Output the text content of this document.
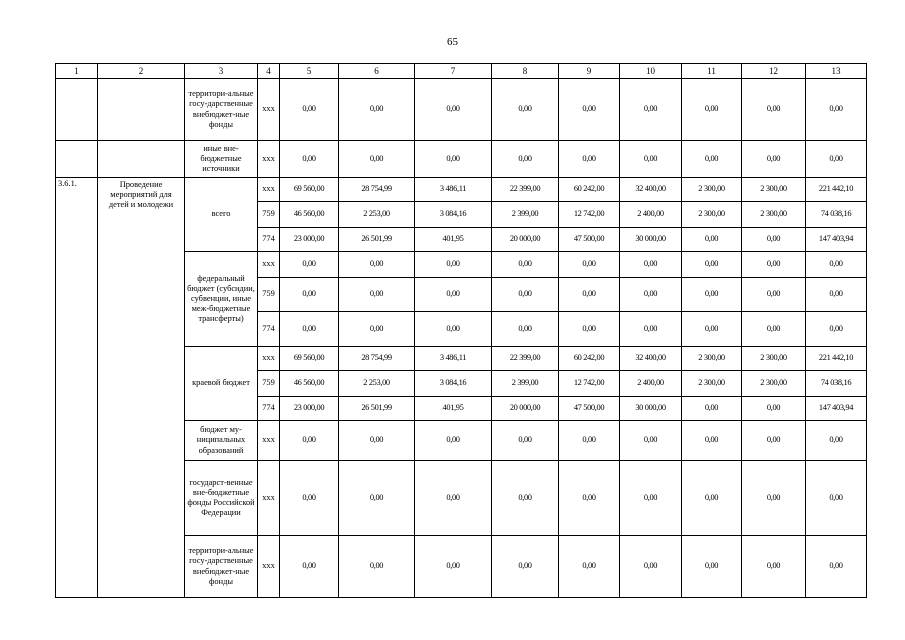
65
1	2	3	4	5	6	7	8	9	10	11	12	13
		территори-альные госу-дарственные внебюджет-ные фонды	ххх	0,00	0,00	0,00	0,00	0,00	0,00	0,00	0,00	0,00
		иные вне-бюджетные источники	ххх	0,00	0,00	0,00	0,00	0,00	0,00	0,00	0,00	0,00
3.6.1.	Проведение мероприятий для детей и молодежи	всего	ххх	69 560,00	28 754,99	3 486,11	22 399,00	60 242,00	32 400,00	2 300,00	2 300,00	221 442,10
			759	46 560,00	2 253,00	3 084,16	2 399,00	12 742,00	2 400,00	2 300,00	2 300,00	74 038,16
			774	23 000,00	26 501,99	401,95	20 000,00	47 500,00	30 000,00	0,00	0,00	147 403,94
		федеральный бюджет (субсидии, субвенции, иные меж-бюджетные трансферты)	ххх	0,00	0,00	0,00	0,00	0,00	0,00	0,00	0,00	0,00
			759	0,00	0,00	0,00	0,00	0,00	0,00	0,00	0,00	0,00
			774	0,00	0,00	0,00	0,00	0,00	0,00	0,00	0,00	0,00
		краевой бюджет	ххх	69 560,00	28 754,99	3 486,11	22 399,00	60 242,00	32 400,00	2 300,00	2 300,00	221 442,10
			759	46 560,00	2 253,00	3 084,16	2 399,00	12 742,00	2 400,00	2 300,00	2 300,00	74 038,16
			774	23 000,00	26 501,99	401,95	20 000,00	47 500,00	30 000,00	0,00	0,00	147 403,94
		бюджет му-ниципальных образований	ххх	0,00	0,00	0,00	0,00	0,00	0,00	0,00	0,00	0,00
		государст-венные вне-бюджетные фонды Российской Федерации	ххх	0,00	0,00	0,00	0,00	0,00	0,00	0,00	0,00	0,00
		территори-альные госу-дарственные внебюджет-ные фонды	ххх	0,00	0,00	0,00	0,00	0,00	0,00	0,00	0,00	0,00
